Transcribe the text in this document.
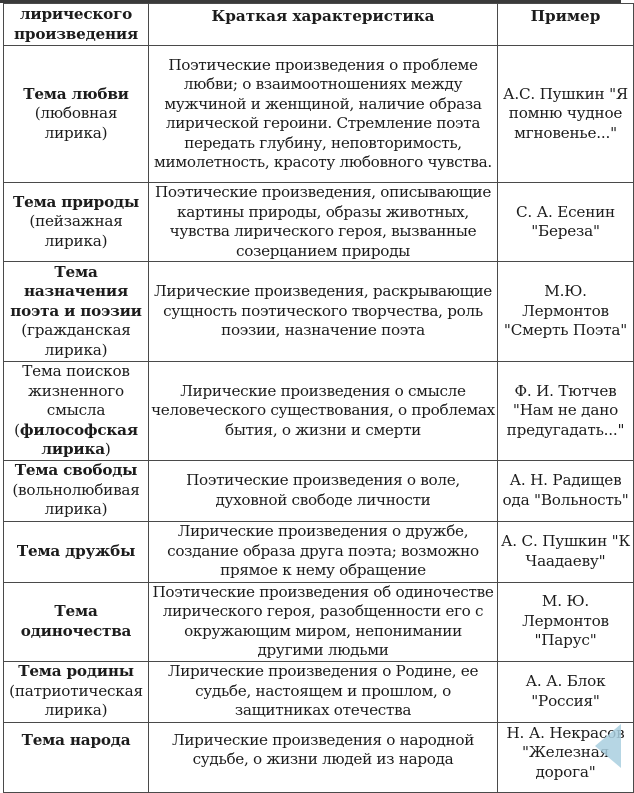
лирического произведения	Краткая характеристика	Пример
Тема любви
(любовная лирика)	Поэтические произведения о проблеме любви; о взаимоотношениях между мужчиной и женщиной, наличие образа лирической героини. Стремление поэта передать глубину, неповторимость, мимолетность, красоту любовного чувства.	А.С. Пушкин "Я помню чудное мгновенье..."
Тема природы
(пейзажная лирика)	Поэтические произведения, описывающие картины природы, образы животных, чувства лирического героя, вызванные созерцанием природы	С. А. Есенин "Береза"
Тема назначения поэта и поэзии
(гражданская лирика)	Лирические произведения, раскрывающие сущность поэтического творчества, роль поэзии, назначение поэта	М.Ю. Лермонтов "Смерть Поэта"
Тема поисков жизненного смысла
(философская лирика)	Лирические произведения о смысле человеческого существования, о проблемах бытия, о жизни и смерти	Ф. И. Тютчев "Нам не дано предугадать..."
Тема свободы
(вольнолюбивая лирика)	Поэтические произведения о воле, духовной свободе личности	А. Н. Радищев ода "Вольность"
Тема дружбы	Лирические произведения о дружбе, создание образа друга поэта; возможно прямое к нему обращение	А. С. Пушкин "К Чаадаеву"
Тема одиночества	Поэтические произведения об одиночестве лирического героя, разобщенности его с окружающим миром, непонимании другими людьми	М. Ю. Лермонтов "Парус"
Тема родины
(патриотическая лирика)	Лирические произведения о Родине, ее судьбе, настоящем и прошлом, о защитниках отечества	А. А. Блок "Россия"
Тема народа	Лирические произведения о народной судьбе, о жизни людей из народа	Н. А. Некрасов "Железная дорога"
